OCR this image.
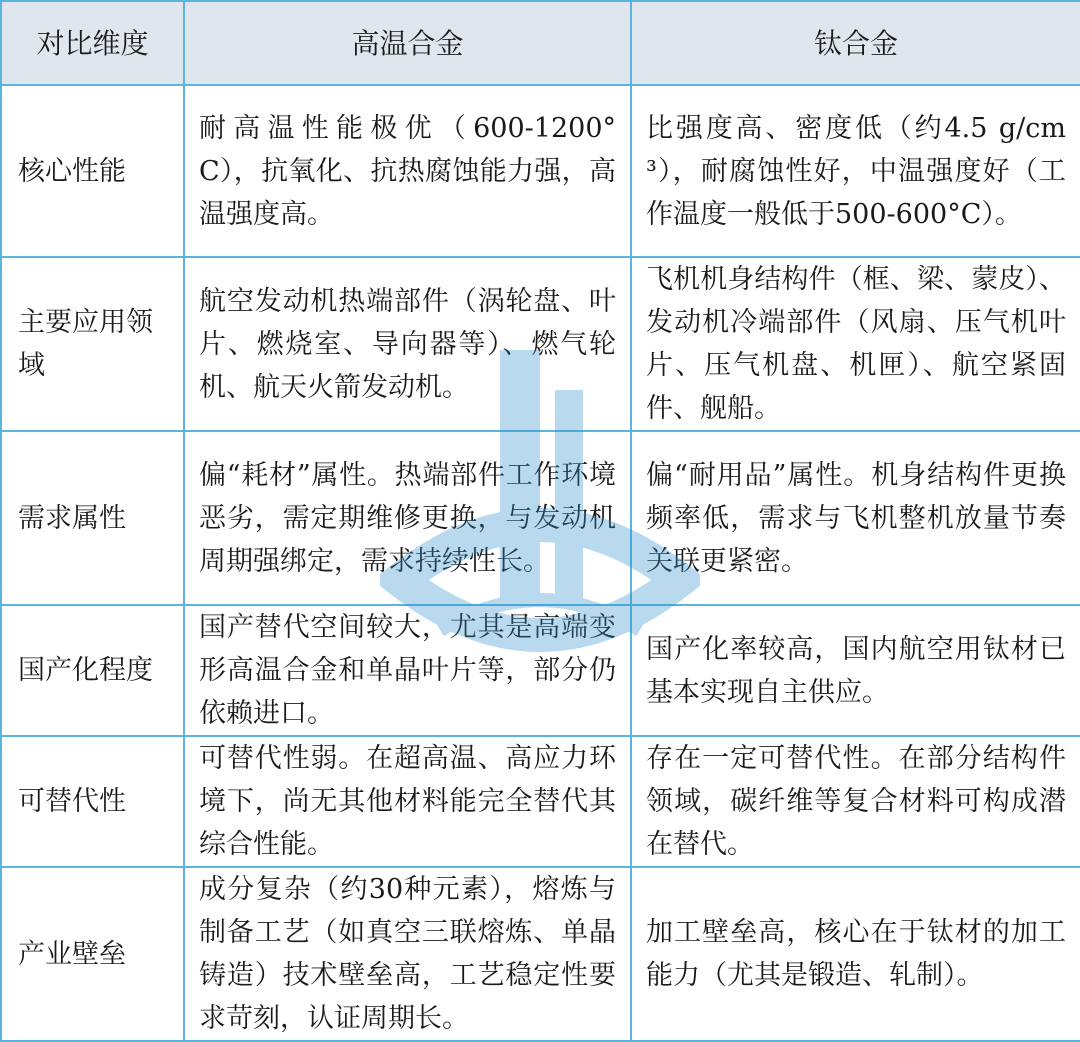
对比维度	高温合金	钛合金
核心性能	耐高温性能极优（600-1200°C），抗氧化、抗热腐蚀能力强，高温强度高。	比强度高、密度低（约4.5 g/cm³），耐腐蚀性好，中温强度好（工作温度一般低于500-600°C）。
主要应用领域	航空发动机热端部件（涡轮盘、叶片、燃烧室、导向器等）、燃气轮机、航天火箭发动机。	飞机机身结构件（框、梁、蒙皮）、发动机冷端部件（风扇、压气机叶片、压气机盘、机匣）、航空紧固件、舰船。
需求属性	偏“耗材”属性。热端部件工作环境恶劣，需定期维修更换，与发动机周期强绑定，需求持续性长。	偏“耐用品”属性。机身结构件更换频率低，需求与飞机整机放量节奏关联更紧密。
国产化程度	国产替代空间较大，尤其是高端变形高温合金和单晶叶片等，部分仍依赖进口。	国产化率较高，国内航空用钛材已基本实现自主供应。
可替代性	可替代性弱。在超高温、高应力环境下，尚无其他材料能完全替代其综合性能。	存在一定可替代性。在部分结构件领域，碳纤维等复合材料可构成潜在替代。
产业壁垒	成分复杂（约30种元素），熔炼与制备工艺（如真空三联熔炼、单晶铸造）技术壁垒高，工艺稳定性要求苛刻，认证周期长。	加工壁垒高，核心在于钛材的加工能力（尤其是锻造、轧制）。
